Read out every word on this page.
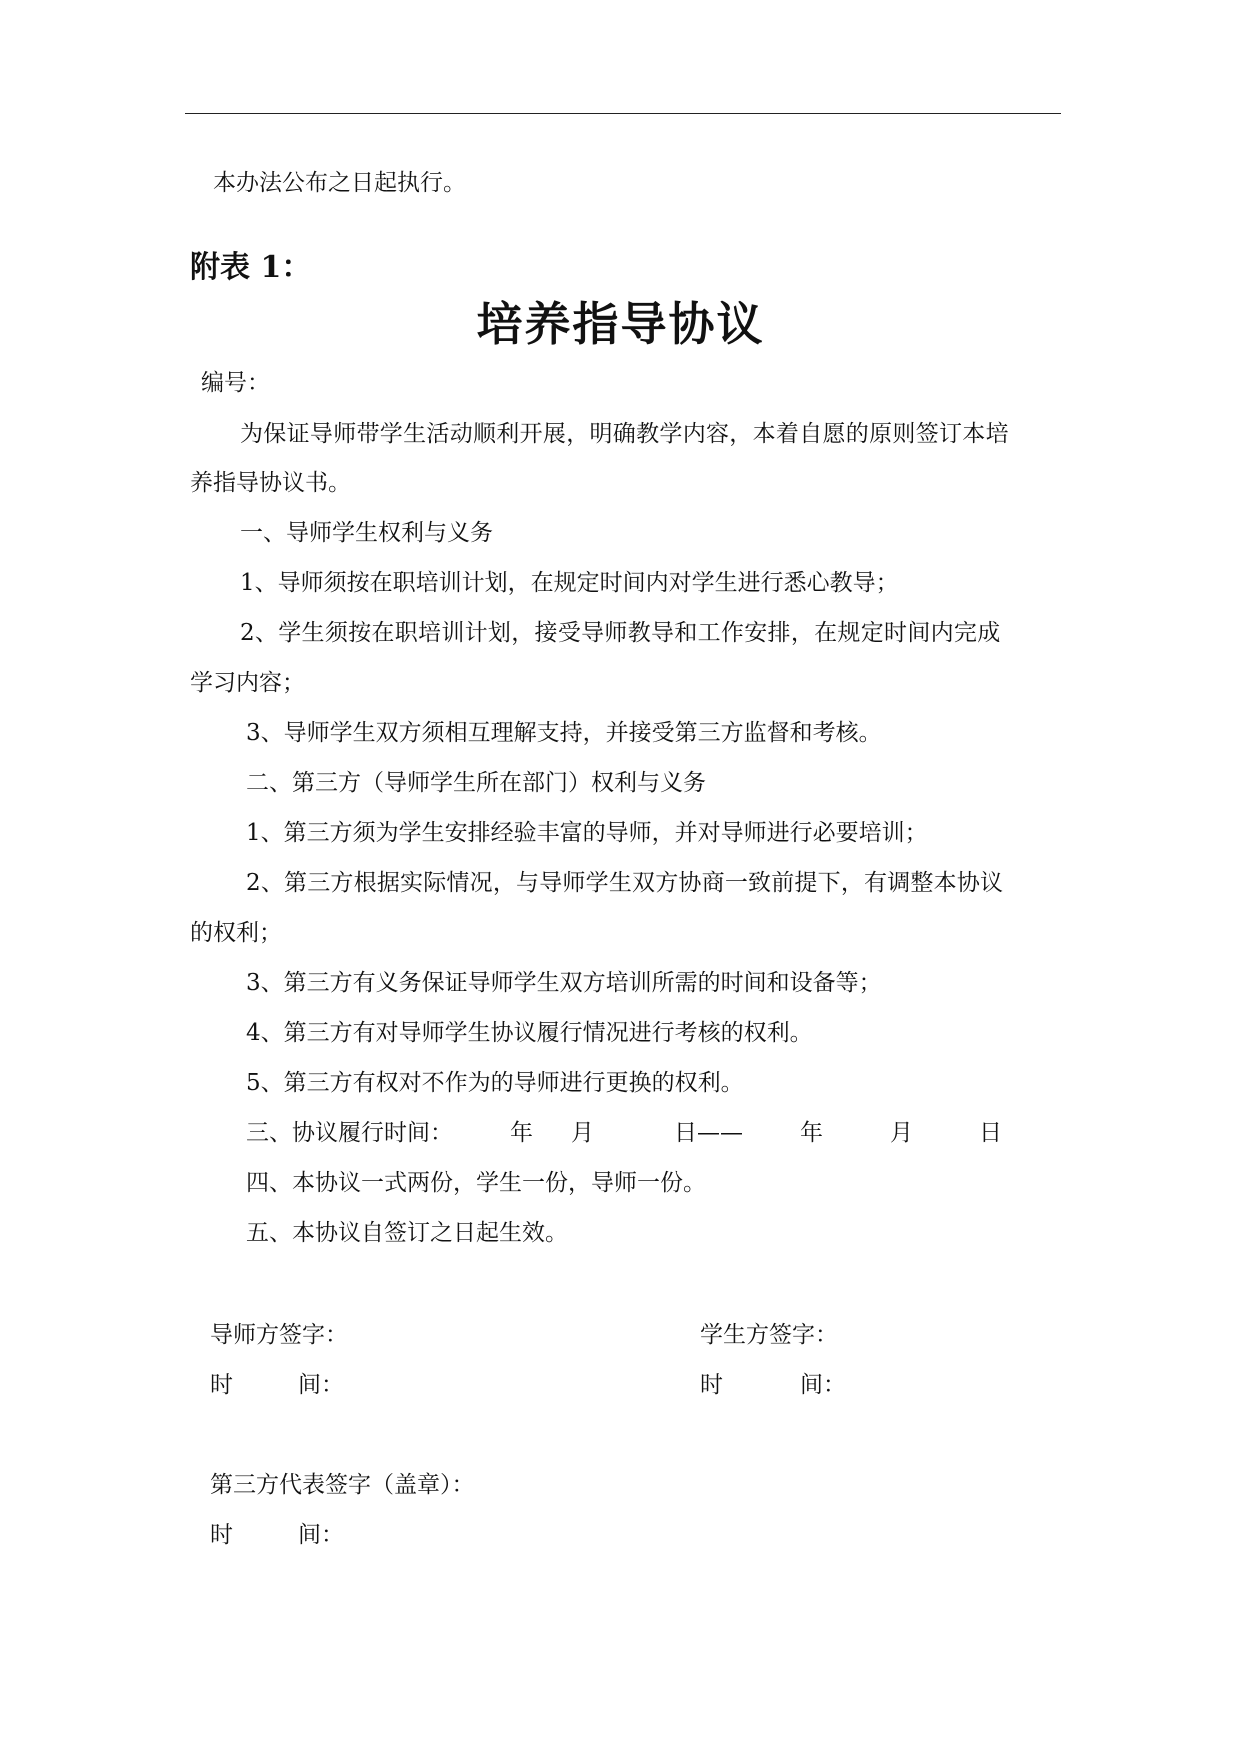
本办法公布之日起执行。
附表 1：
培养指导协议
编号：
为保证导师带学生活动顺利开展，明确教学内容，本着自愿的原则签订本培
养指导协议书。
一、导师学生权利与义务
1、导师须按在职培训计划，在规定时间内对学生进行悉心教导；
2、学生须按在职培训计划，接受导师教导和工作安排，在规定时间内完成
学习内容；
3、导师学生双方须相互理解支持，并接受第三方监督和考核。
二、第三方（导师学生所在部门）权利与义务
1、第三方须为学生安排经验丰富的导师，并对导师进行必要培训；
2、第三方根据实际情况，与导师学生双方协商一致前提下，有调整本协议
的权利；
3、第三方有义务保证导师学生双方培训所需的时间和设备等；
4、第三方有对导师学生协议履行情况进行考核的权利。
5、第三方有权对不作为的导师进行更换的权利。
三、协议履行时间： 年 月	日—— 年	月	日
四、本协议一式两份，学生一份，导师一份。
五、本协议自签订之日起生效。
导师方签字：	学生方签字：
时	间：	时	间：
第三方代表签字（盖章）：
时	间：
